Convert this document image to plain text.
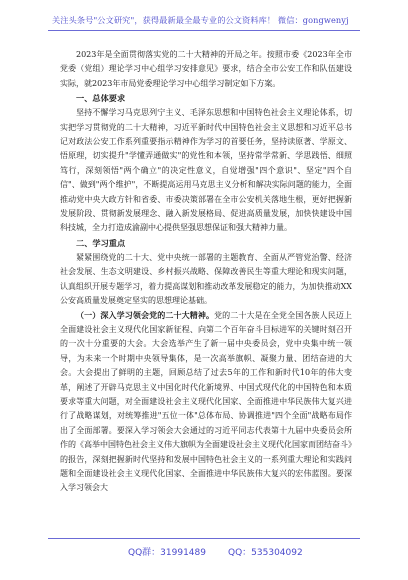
关注头条号"公文研究"，获得最新最全最专业的公文资料库！ 微信：gongwenyj

2023年是全面贯彻落实党的二十大精神的开局之年。按照市委《2023年全市党委（党组）理论学习中心组学习安排意见》要求，结合全市公安工作和队伍建设实际，就2023年市局党委理论学习中心组学习制定如下方案。

一、总体要求

坚持不懈学习马克思列宁主义、毛泽东思想和中国特色社会主义理论体系，切实把学习贯彻党的二十大精神，习近平新时代中国特色社会主义思想和习近平总书记对政法公安工作系列重要指示精神作为学习的首要任务，坚持读原著、学原文、悟原理，切实提升"学懂弄通做实"的党性和本领，坚持常学常新、学思践悟、细照笃行，深刻领悟"两个确立"的决定性意义，自觉增强"四个意识"、坚定"四个自信"、做到"两个维护"，不断提高运用马克思主义分析和解决实际问题的能力，全面推动党中央大政方针和省委、市委决策部署在全市公安机关落地生根，更好把握新发展阶段、贯彻新发展理念、融入新发展格局、促进高质量发展，加快快建设中国科技城，全力打造成渝副中心提供坚强思想保证和强大精神力量。

二、学习重点

紧紧围绕党的二十大、党中央统一部署的主题教育、全面从严管党治警、经济社会发展、生态文明建设、乡村振兴战略、保障改善民生等重大理论和现实问题，认真组织开展专题学习，着力提高谋划和推动改革发展稳定的能力，为加快推动XX公安高质量发展奠定坚实的思想理论基础。

（一）深入学习领会党的二十大精神。党的二十大是在全党全国各族人民迈上全面建设社会主义现代化国家新征程、向第二个百年奋斗目标进军的关键时刻召开的一次十分重要的大会。大会选举产生了新一届中央委员会，党中央集中统一领导，为未来一个时期中央领导集体，是一次高举旗帜、凝聚力量、团结奋进的大会。大会提出了鲜明的主题，回顾总结了过去5年的工作和新时代10年的伟大变革，阐述了开辟马克思主义中国化时代化新境界、中国式现代化的中国特色和本质要求等重大问题，对全面建设社会主义现代化国家、全面推进中华民族伟大复兴进行了战略谋划，对统筹推进"五位一体"总体布局、协调推进"四个全面"战略布局作出了全面部署。要深入学习领会大会通过的习近平同志代表第十九届中央委员会所作的《高举中国特色社会主义伟大旗帜为全面建设社会主义现代化国家而团结奋斗》的报告，深刻把握新时代坚持和发展中国特色社会主义的一系列重大理论和实践问题和全面建设社会主义现代化国家、全面推进中华民族伟大复兴的宏伟蓝图。要深入学习领会大

QQ群：31991489 QQ：535304092
